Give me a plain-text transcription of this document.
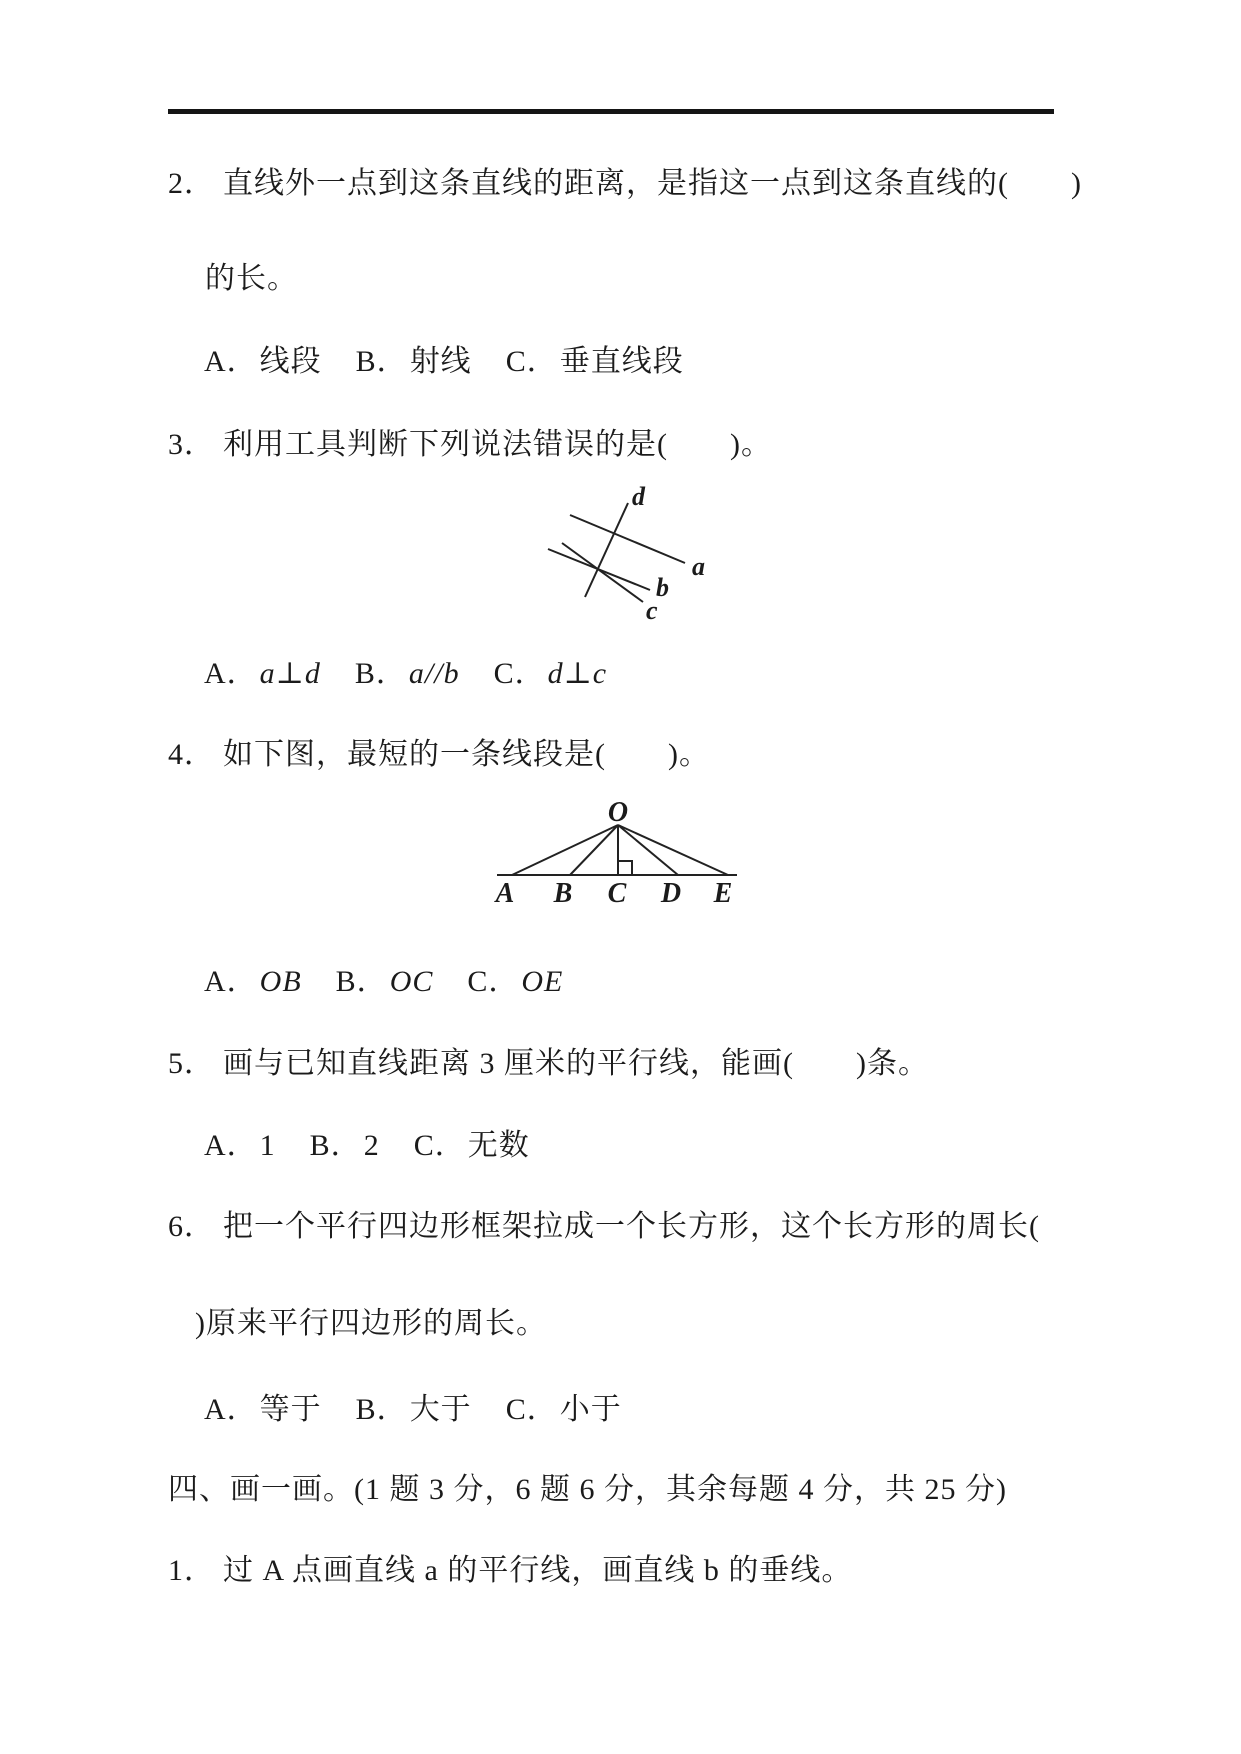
2． 直线外一点到这条直线的距离，是指这一点到这条直线的(　　)
的长。
A．线段 B．射线 C．垂直线段
3． 利用工具判断下列说法错误的是(　　)。
d
a
b
c
A．a⊥d B．a//b C．d⊥c
4． 如下图，最短的一条线段是(　　)。
O
A B C D E
A．OB B．OC C．OE
5． 画与已知直线距离 3 厘米的平行线，能画(　　)条。
A．1 B．2 C．无数
6． 把一个平行四边形框架拉成一个长方形，这个长方形的周长(
)原来平行四边形的周长。
A．等于 B．大于 C．小于
四、画一画。(1 题 3 分，6 题 6 分，其余每题 4 分，共 25 分)
1． 过 A 点画直线 a 的平行线，画直线 b 的垂线。
